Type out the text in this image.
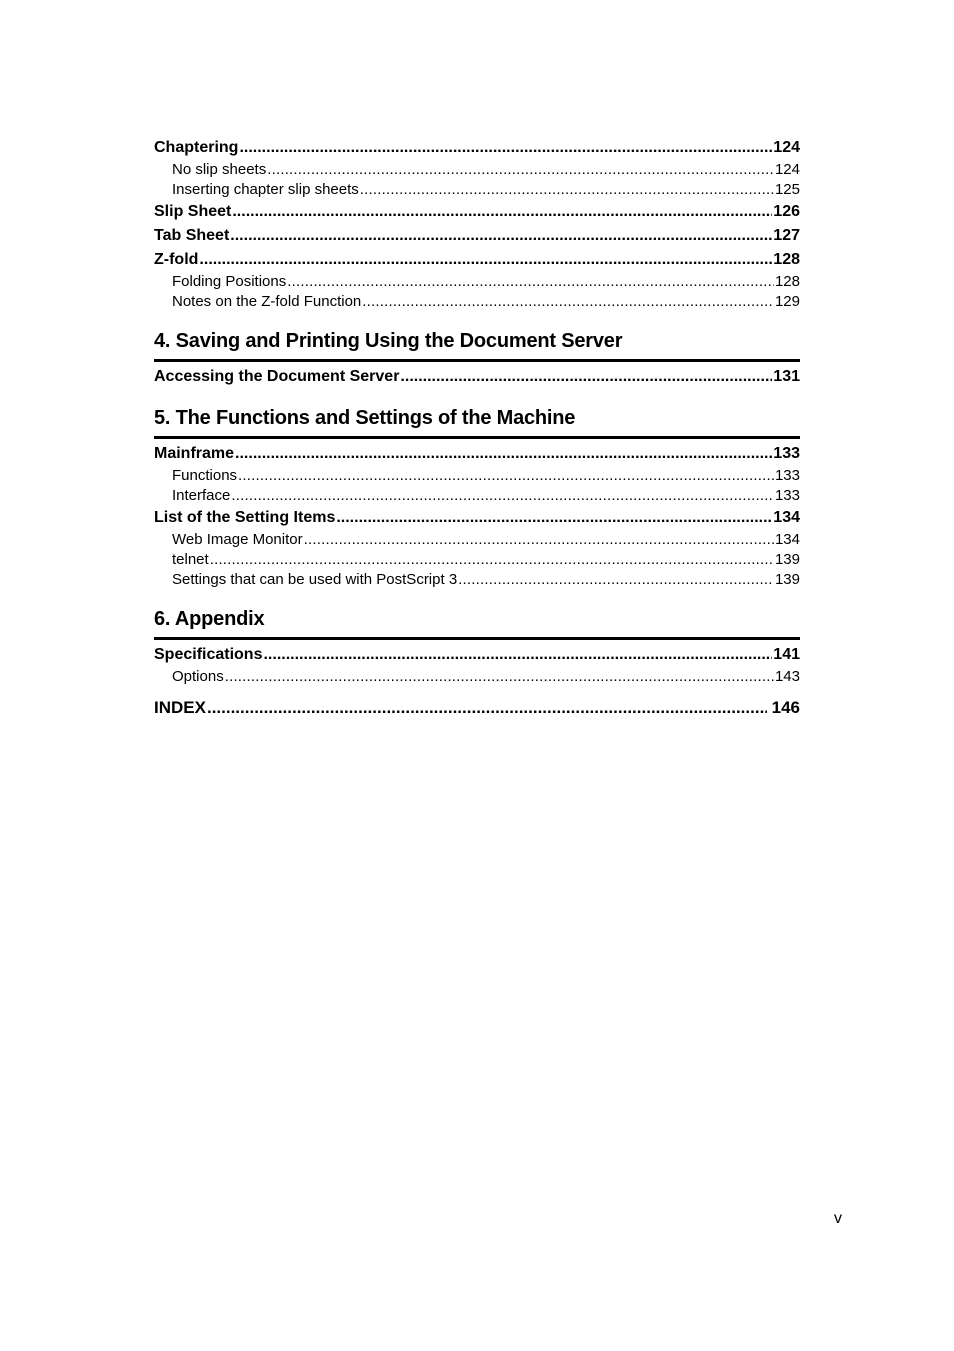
Chaptering .....	124
No slip sheets .....	124
Inserting chapter slip sheets .....	125
Slip Sheet .....	126
Tab Sheet .....	127
Z-fold .....	128
Folding Positions .....	128
Notes on the Z-fold Function .....	129
4. Saving and Printing Using the Document Server
Accessing the Document Server .....	131
5. The Functions and Settings of the Machine
Mainframe .....	133
Functions .....	133
Interface .....	133
List of the Setting Items .....	134
Web Image Monitor .....	134
telnet .....	139
Settings that can be used with PostScript 3 .....	139
6. Appendix
Specifications .....	141
Options .....	143
INDEX .....	146
v
